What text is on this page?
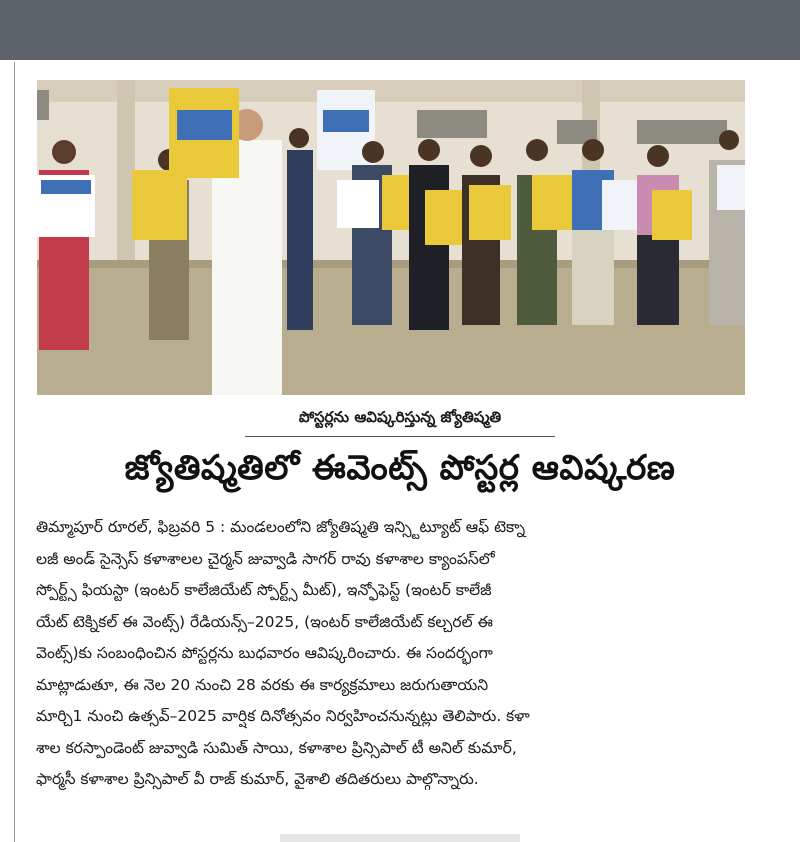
పోస్టర్లను ఆవిష్కరిస్తున్న జ్యోతిష్మతి
జ్యోతిష్మతిలో ఈవెంట్స్ పోస్టర్ల ఆవిష్కరణ
తిమ్మాపూర్ రూరల్, ఫిబ్రవరి 5 : మండలంలోని జ్యోతిష్మతి ఇన్స్టిట్యూట్ ఆఫ్ టెక్నా
లజీ అండ్ సైన్సెస్ కళాశాలల చైర్మన్ జువ్వాడి సాగర్ రావు కళాశాల క్యాంపస్‌లో
స్పోర్ట్స్ ఫియస్టా (ఇంటర్ కాలేజియేట్ స్పోర్ట్స్ మీట్), ఇన్ఫోఫెస్ట్ (ఇంటర్ కాలేజీ
యేట్ టెక్నికల్ ఈ వెంట్స్) రేడియన్స్–2025, (ఇంటర్ కాలేజియేట్ కల్చరల్ ఈ
వెంట్స్)కు సంబంధించిన పోస్టర్లను బుధవారం ఆవిష్కరించారు. ఈ సందర్భంగా
మాట్లాడుతూ, ఈ నెల 20 నుంచి 28 వరకు ఈ కార్యక్రమాలు జరుగుతాయని
మార్చి1 నుంచి ఉత్సవ్–2025 వార్షిక దినోత్సవం నిర్వహించనున్నట్లు తెలిపారు. కళా
శాల కరస్పాండెంట్ జువ్వాడి సుమిత్ సాయి, కళాశాల ప్రిన్సిపాల్ టీ అనిల్ కుమార్,
ఫార్మసీ కళాశాల ప్రిన్సిపాల్ వీ రాజ్ కుమార్, వైశాలి తదితరులు పాల్గొన్నారు.
